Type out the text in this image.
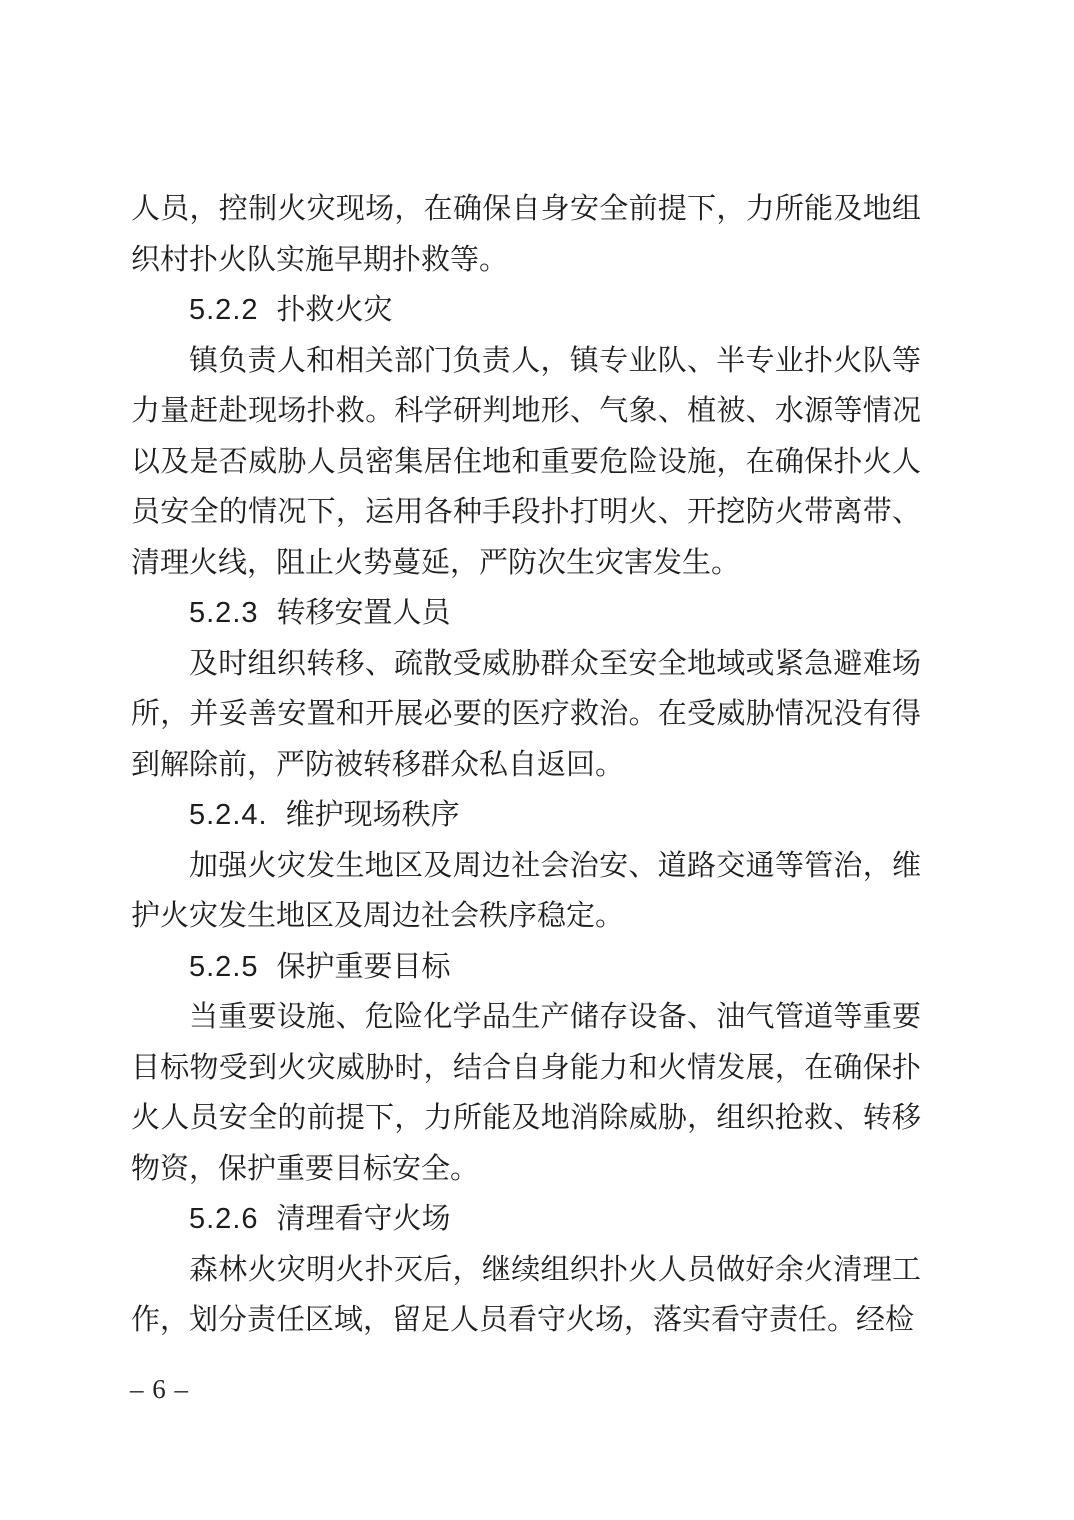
人员，控制火灾现场，在确保自身安全前提下，力所能及地组织村扑火队实施早期扑救等。

5.2.2 扑救火灾

镇负责人和相关部门负责人，镇专业队、半专业扑火队等力量赶赴现场扑救。科学研判地形、气象、植被、水源等情况以及是否威胁人员密集居住地和重要危险设施，在确保扑火人员安全的情况下，运用各种手段扑打明火、开挖防火带离带、清理火线，阻止火势蔓延，严防次生灾害发生。

5.2.3 转移安置人员

及时组织转移、疏散受威胁群众至安全地域或紧急避难场所，并妥善安置和开展必要的医疗救治。在受威胁情况没有得到解除前，严防被转移群众私自返回。

5.2.4. 维护现场秩序

加强火灾发生地区及周边社会治安、道路交通等管治，维护火灾发生地区及周边社会秩序稳定。

5.2.5 保护重要目标

当重要设施、危险化学品生产储存设备、油气管道等重要目标物受到火灾威胁时，结合自身能力和火情发展，在确保扑火人员安全的前提下，力所能及地消除威胁，组织抢救、转移物资，保护重要目标安全。

5.2.6 清理看守火场

森林火灾明火扑灭后，继续组织扑火人员做好余火清理工作，划分责任区域，留足人员看守火场，落实看守责任。经检

– 6 –
